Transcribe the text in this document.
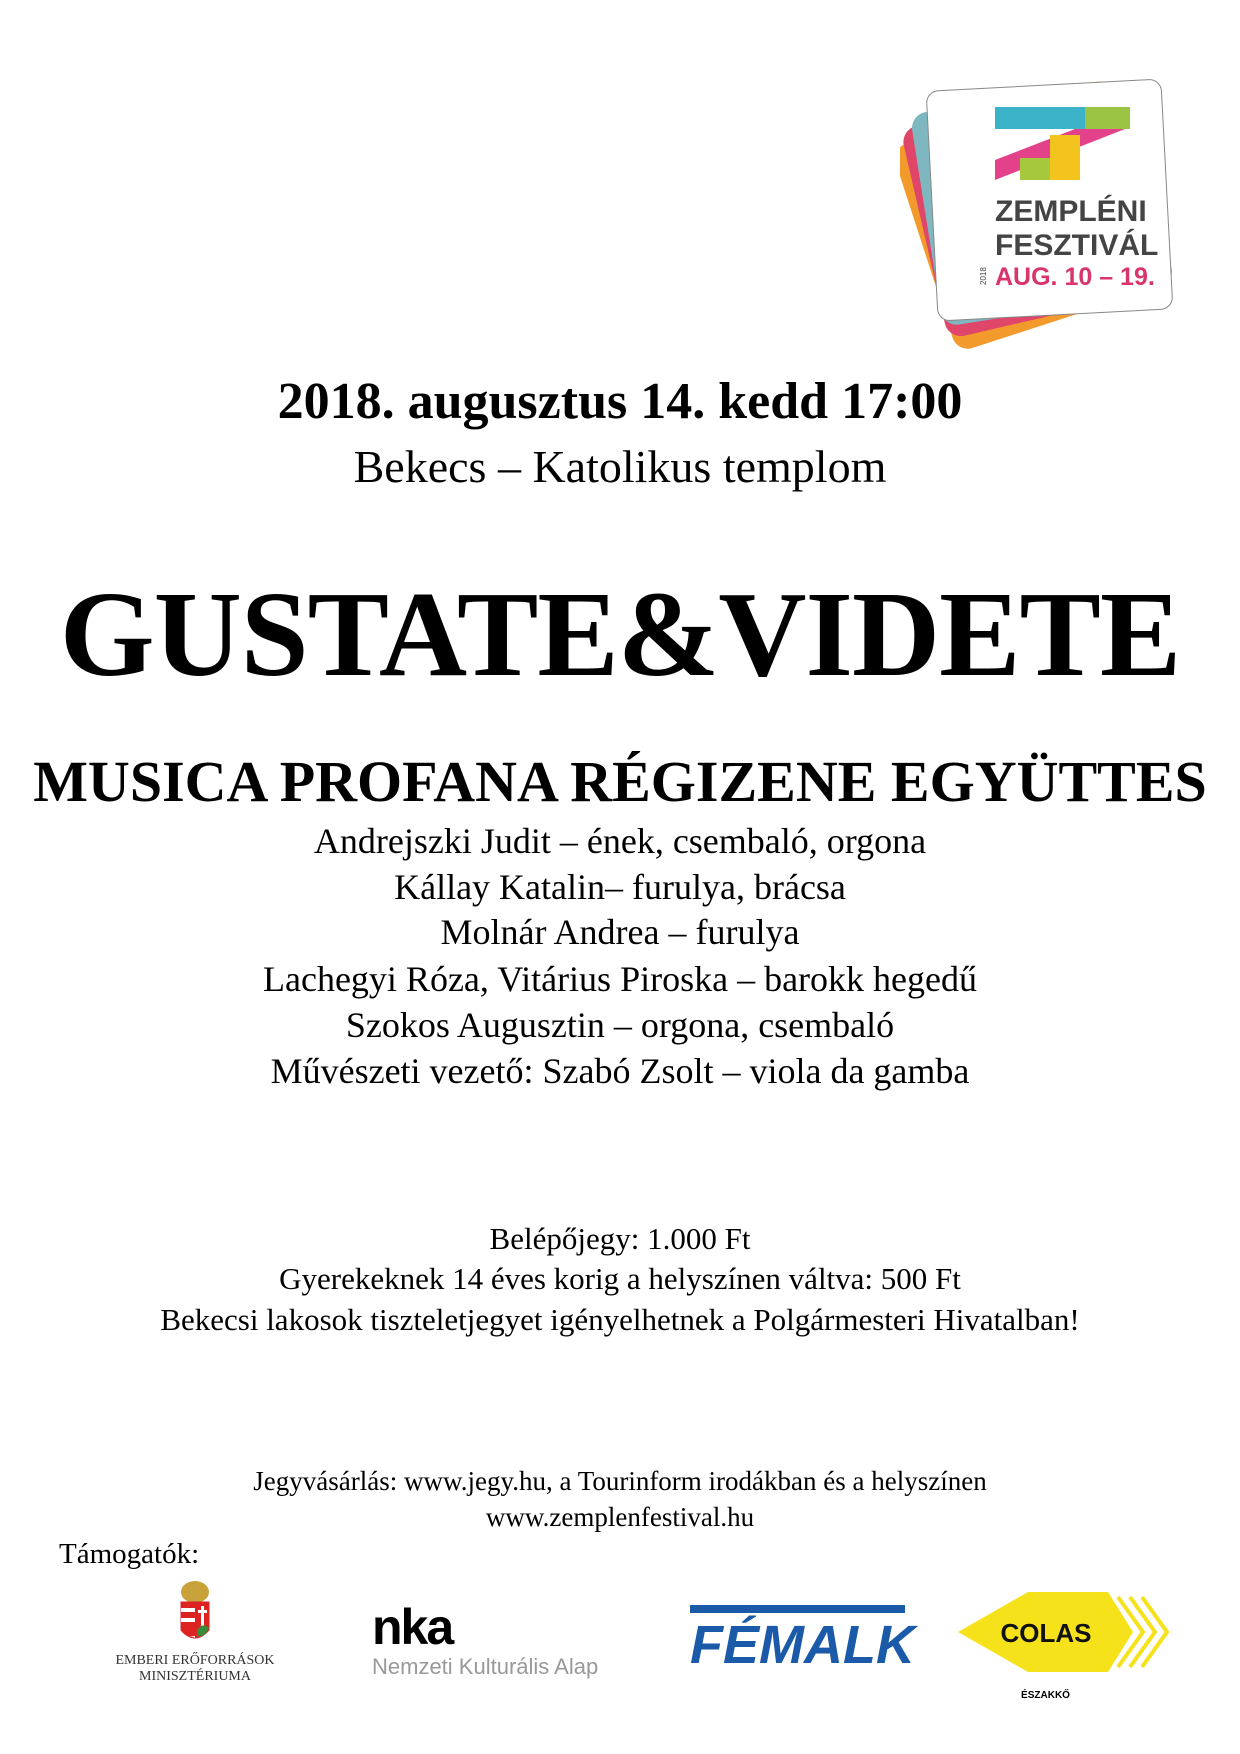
ZEMPLÉNI
FESZTIVÁL
2018 AUG. 10 – 19.
2018. augusztus 14. kedd 17:00
Bekecs – Katolikus templom
GUSTATE&VIDETE
MUSICA PROFANA RÉGIZENE EGYÜTTES
Andrejszki Judit – ének, csembaló, orgona
Kállay Katalin– furulya, brácsa
Molnár Andrea – furulya
Lachegyi Róza, Vitárius Piroska – barokk hegedű
Szokos Augusztin – orgona, csembaló
Művészeti vezető: Szabó Zsolt – viola da gamba
Belépőjegy: 1.000 Ft
Gyerekeknek 14 éves korig a helyszínen váltva: 500 Ft
Bekecsi lakosok tiszteletjegyet igényelhetnek a Polgármesteri Hivatalban!
Jegyvásárlás: www.jegy.hu, a Tourinform irodákban és a helyszínen
www.zemplenfestival.hu
Támogatók:
EMBERI ERŐFORRÁSOK
MINISZTÉRIUMA
nka
Nemzeti Kulturális Alap	FÉMALK	COLAS
ÉSZAKKŐ
